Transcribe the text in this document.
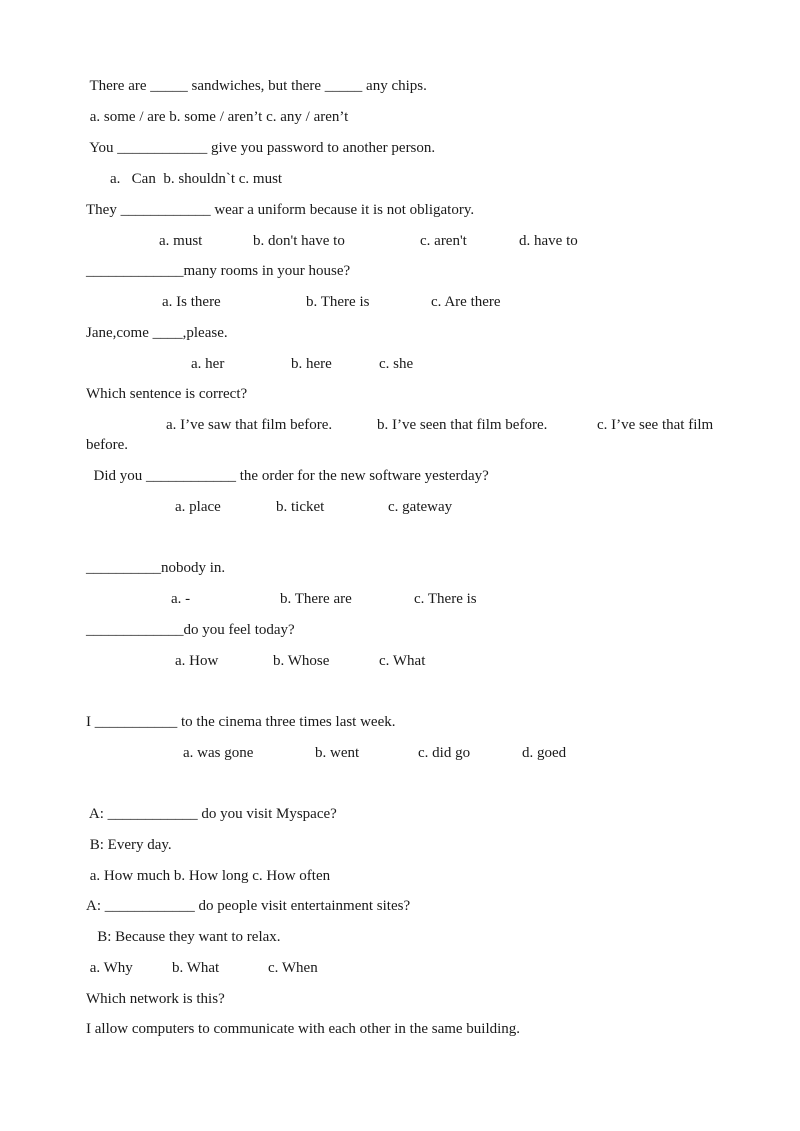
There are _____ sandwiches, but there _____ any chips.
a. some / are b. some / aren’t c. any / aren’t
You ____________ give you password to another person.
a.   Can  b. shouldn`t c. must
They ____________ wear a uniform because it is not obligatory.
a. must	b. don't have to	c. aren't	d. have to
_____________many rooms in your house?
a. Is there	b. There is	c. Are there
Jane,come ____,please.
a. her	b. here	c. she
Which sentence is correct?
a. I’ve saw that film before.	b. I’ve seen that film before.	c. I’ve see that film
before.
Did you ____________ the order for the new software yesterday?
a. place	b. ticket	c. gateway
__________nobody in.
a. -	b. There are	c. There is
_____________do you feel today?
a. How	b. Whose	c. What
I ___________ to the cinema three times last week.
a. was gone	b. went	c. did go	d. goed
A: ____________ do you visit Myspace?
B: Every day.
a. How much b. How long c. How often
A: ____________ do people visit entertainment sites?
B: Because they want to relax.
a. Why	b. What	c. When
Which network is this?
I allow computers to communicate with each other in the same building.
